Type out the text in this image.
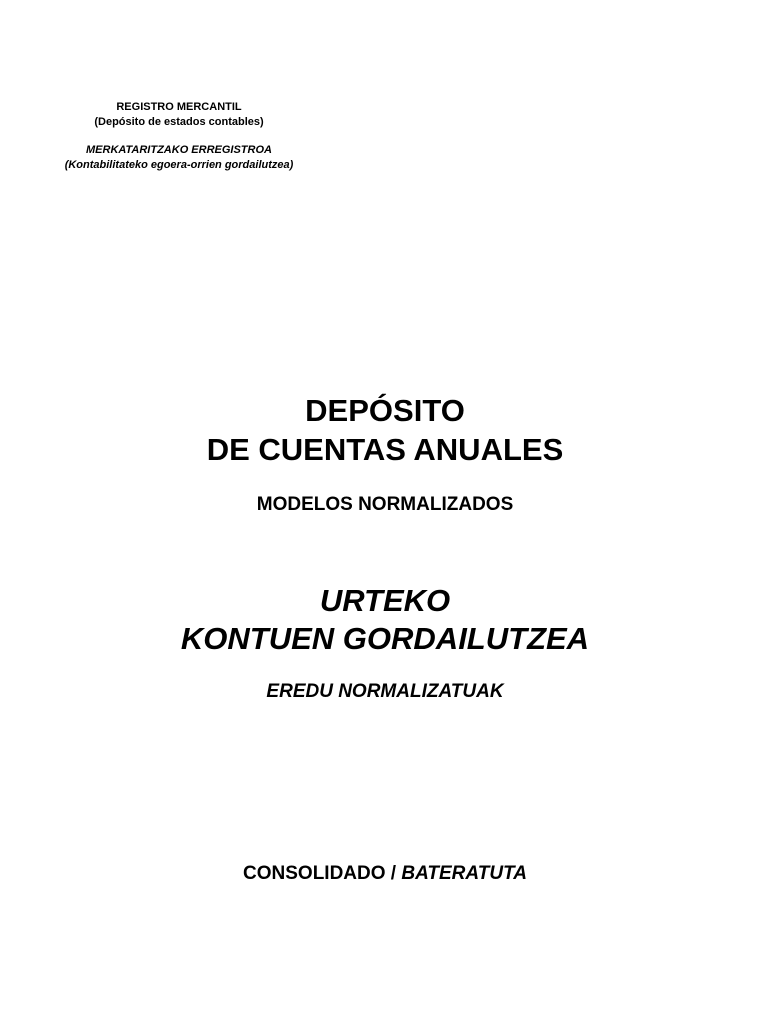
REGISTRO MERCANTIL
(Depósito de estados contables)
MERKATARITZAKO ERREGISTROA
(Kontabilitateko egoera-orrien gordailutzea)
DEPÓSITO
DE CUENTAS ANUALES
MODELOS NORMALIZADOS
URTEKO
KONTUEN GORDAILUTZEA
EREDU NORMALIZATUAK
CONSOLIDADO / BATERATUTA
